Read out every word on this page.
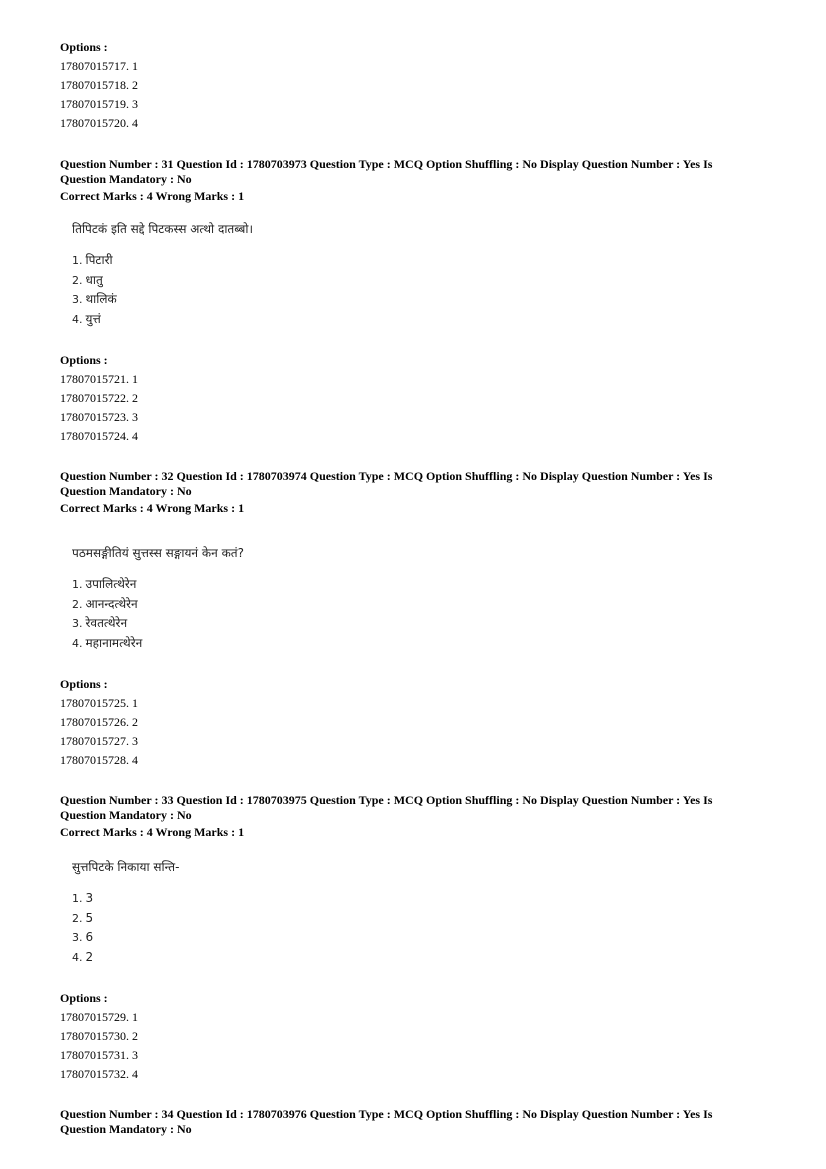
Options :
17807015717. 1
17807015718. 2
17807015719. 3
17807015720. 4
Question Number : 31 Question Id : 1780703973 Question Type : MCQ Option Shuffling : No Display Question Number : Yes Is Question Mandatory : No
Correct Marks : 4 Wrong Marks : 1
तिपिटकं इति सद्दे पिटकस्स अत्थो दातब्बो।
1. पिटारी
2. धातु
3. थालिकं
4. युत्तं
Options :
17807015721. 1
17807015722. 2
17807015723. 3
17807015724. 4
Question Number : 32 Question Id : 1780703974 Question Type : MCQ Option Shuffling : No Display Question Number : Yes Is Question Mandatory : No
Correct Marks : 4 Wrong Marks : 1
पठमसङ्गीतियं सुत्तस्स सङ्गायनं केन कतं?
1. उपालित्थेरेन
2. आनन्दत्थेरेन
3. रेवतत्थेरेन
4. महानामत्थेरेन
Options :
17807015725. 1
17807015726. 2
17807015727. 3
17807015728. 4
Question Number : 33 Question Id : 1780703975 Question Type : MCQ Option Shuffling : No Display Question Number : Yes Is Question Mandatory : No
Correct Marks : 4 Wrong Marks : 1
सुत्तपिटके निकाया सन्ति-
1. 3
2. 5
3. 6
4. 2
Options :
17807015729. 1
17807015730. 2
17807015731. 3
17807015732. 4
Question Number : 34 Question Id : 1780703976 Question Type : MCQ Option Shuffling : No Display Question Number : Yes Is Question Mandatory : No
